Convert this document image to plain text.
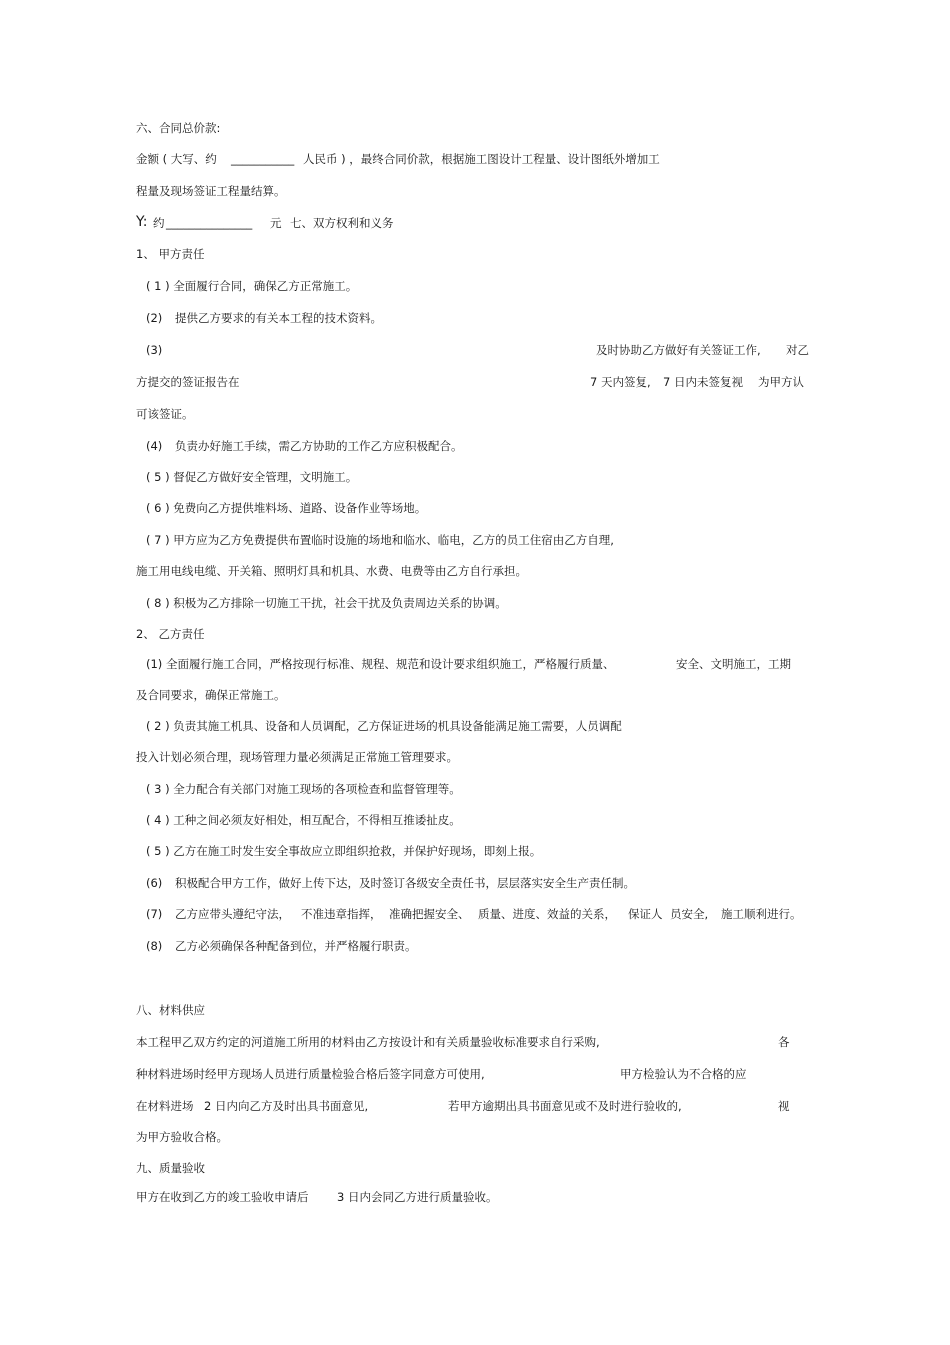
六、合同总价款:
金额 ( 大写、约 ___________ 人民币 ) ，最终合同价款，根据施工图设计工程量、设计图纸外增加工
程量及现场签证工程量结算。
Y: 约 _______________ 元 七、双方权利和义务
1、 甲方责任
( 1 ) 全面履行合同，确保乙方正常施工。
(2) 提供乙方要求的有关本工程的技术资料。
(3)	及时协助乙方做好有关签证工作, 对乙
方提交的签证报告在	7 天内签复, 7 日内未签复视 为甲方认
可该签证。
(4) 负责办好施工手续，需乙方协助的工作乙方应积极配合。
( 5 ) 督促乙方做好安全管理，文明施工。
( 6 ) 免费向乙方提供堆料场、道路、设备作业等场地。
( 7 ) 甲方应为乙方免费提供布置临时设施的场地和临水、临电，乙方的员工住宿由乙方自理,
施工用电线电缆、开关箱、照明灯具和机具、水费、电费等由乙方自行承担。
( 8 ) 积极为乙方排除一切施工干扰，社会干扰及负责周边关系的协调。
2、 乙方责任
(1) 全面履行施工合同，严格按现行标准、规程、规范和设计要求组织施工，严格履行质量、	安全、文明施工，工期
及合同要求，确保正常施工。
( 2 ) 负责其施工机具、设备和人员调配，乙方保证进场的机具设备能满足施工需要，人员调配
投入计划必须合理，现场管理力量必须满足正常施工管理要求。
( 3 ) 全力配合有关部门对施工现场的各项检查和监督管理等。
( 4 ) 工种之间必须友好相处，相互配合，不得相互推诿扯皮。
( 5 ) 乙方在施工时发生安全事故应立即组织抢救，并保护好现场，即刻上报。
(6) 积极配合甲方工作，做好上传下达，及时签订各级安全责任书，层层落实安全生产责任制。
(7) 乙方应带头遵纪守法， 不准违章指挥， 准确把握安全、 质量、进度、效益的关系， 保证人 员安全, 施工顺利进行。
(8) 乙方必须确保各种配备到位，并严格履行职责。
八、材料供应
本工程甲乙双方约定的河道施工所用的材料由乙方按设计和有关质量验收标准要求自行采购,	各
种材料进场时经甲方现场人员进行质量检验合格后签字同意方可使用,	甲方检验认为不合格的应
在材料进场 2 日内向乙方及时出具书面意见,	若甲方逾期出具书面意见或不及时进行验收的,	视
为甲方验收合格。
九、质量验收
甲方在收到乙方的竣工验收申请后 3 日内会同乙方进行质量验收。
